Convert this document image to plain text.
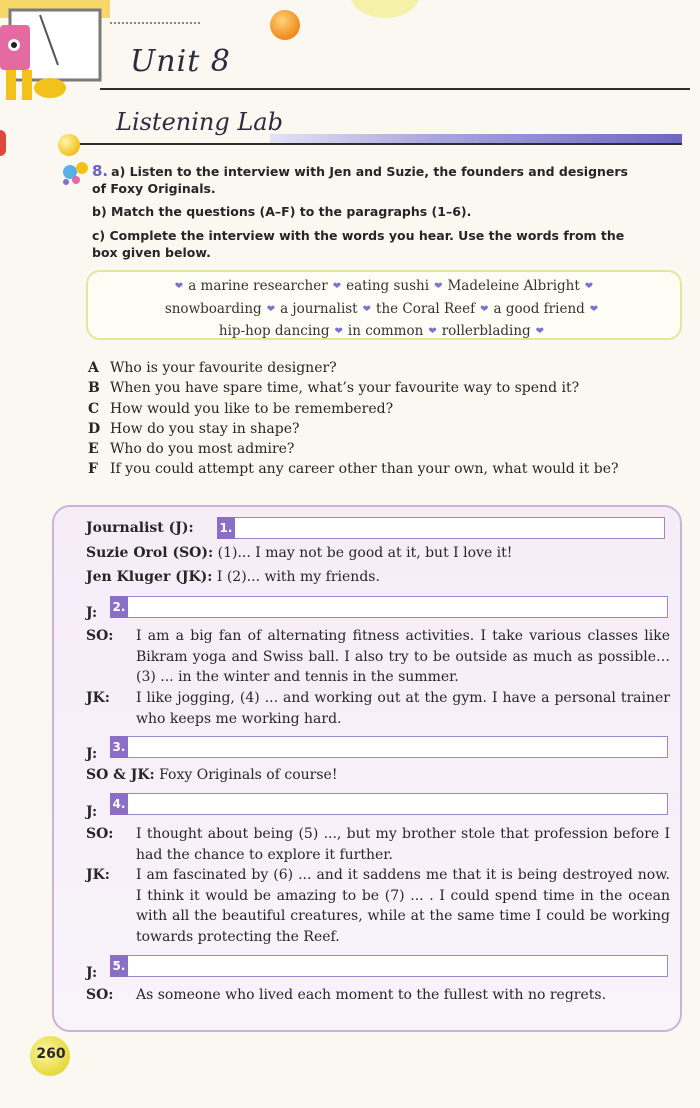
Unit 8
Listening Lab
8. a) Listen to the interview with Jen and Suzie, the founders and designers
of Foxy Originals.
b) Match the questions (A–F) to the paragraphs (1–6).
c) Complete the interview with the words you hear. Use the words from the
box given below.
❤ a marine researcher ❤ eating sushi ❤ Madeleine Albright ❤
snowboarding ❤ a journalist ❤ the Coral Reef ❤ a good friend ❤
hip-hop dancing ❤ in common ❤ rollerblading ❤
A Who is your favourite designer?
B When you have spare time, what’s your favourite way to spend it?
C How would you like to be remembered?
D How do you stay in shape?
E Who do you most admire?
F If you could attempt any career other than your own, what would it be?
Journalist (J): 1.
Suzie Orol (SO): (1)... I may not be good at it, but I love it!
Jen Kluger (JK): I (2)... with my friends.
J: 2.
SO: I am a big fan of alternating fitness activities. I take various classes like Bikram yoga and Swiss ball. I also try to be outside as much as possible… (3) ... in the winter and tennis in the summer.
JK: I like jogging, (4) ... and working out at the gym. I have a personal trainer who keeps me working hard.
J: 3.
SO & JK: Foxy Originals of course!
J: 4.
SO: I thought about being (5) ..., but my brother stole that profession before I had the chance to explore it further.
JK: I am fascinated by (6) ... and it saddens me that it is being destroyed now. I think it would be amazing to be (7) ... . I could spend time in the ocean with all the beautiful creatures, while at the same time I could be working towards protecting the Reef.
J: 5.
SO: As someone who lived each moment to the fullest with no regrets.
260
